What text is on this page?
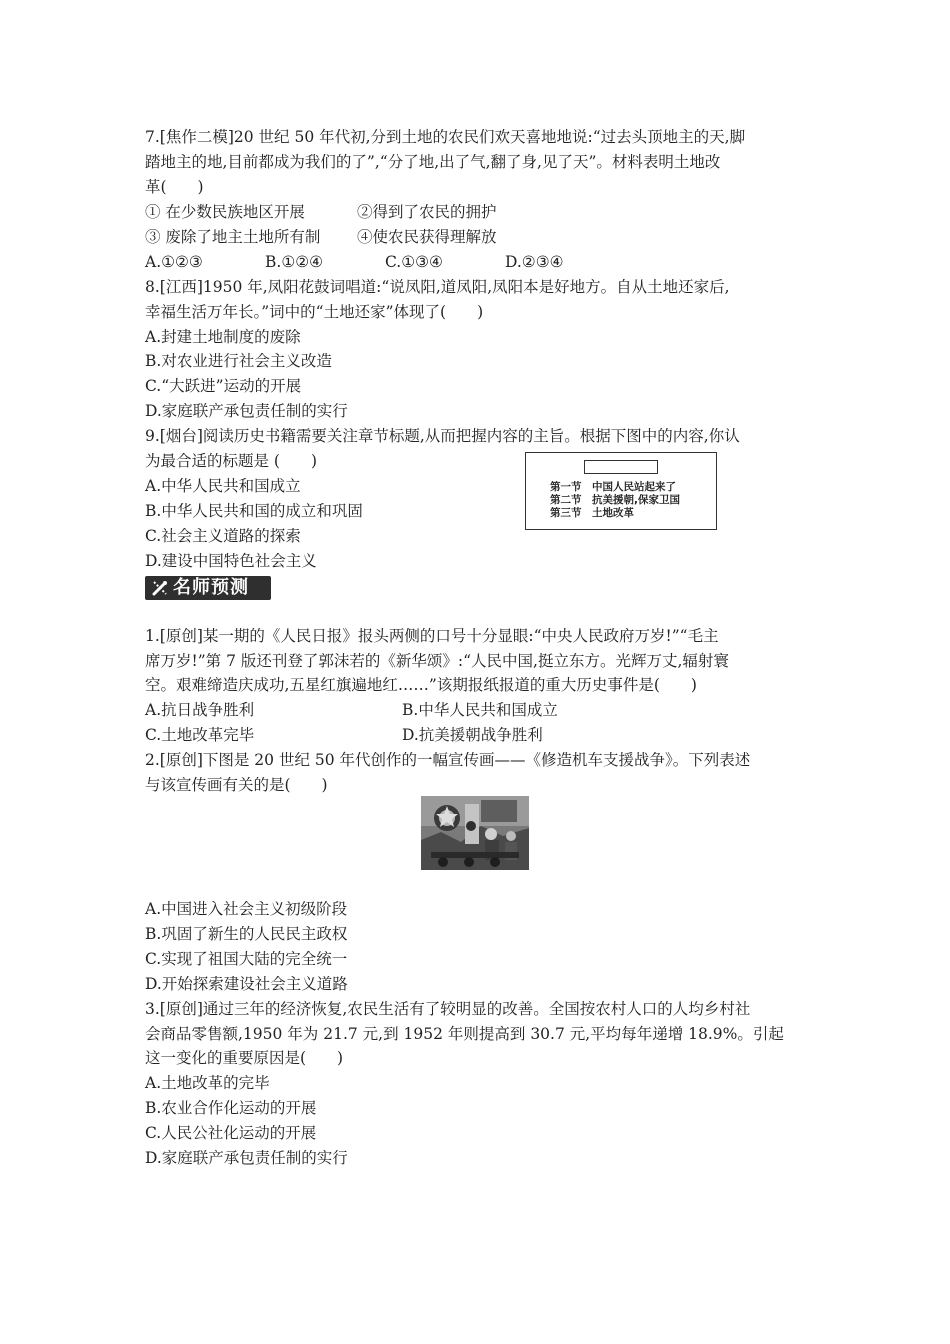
7.[焦作二模]20 世纪 50 年代初,分到土地的农民们欢天喜地地说:“过去头顶地主的天,脚
踏地主的地,目前都成为我们的了”,“分了地,出了气,翻了身,见了天”。材料表明土地改
革(　　)
① 在少数民族地区开展	②得到了农民的拥护
③ 废除了地主土地所有制 ④使农民获得理解放
A.①②③	B.①②④	C.①③④	D.②③④
8.[江西]1950 年,凤阳花鼓词唱道:“说凤阳,道凤阳,凤阳本是好地方。自从土地还家后,
幸福生活万年长。”词中的“土地还家”体现了(　　)
A.封建土地制度的废除
B.对农业进行社会主义改造
C.“大跃进”运动的开展
D.家庭联产承包责任制的实行
9.[烟台]阅读历史书籍需要关注章节标题,从而把握内容的主旨。根据下图中的内容,你认
为最合适的标题是 (　　)
A.中华人民共和国成立
B.中华人民共和国的成立和巩固
C.社会主义道路的探索
D.建设中国特色社会主义
第一节　中国人民站起来了
第二节　抗美援朝,保家卫国
第三节　土地改革
名师预测
1.[原创]某一期的《人民日报》报头两侧的口号十分显眼:“中央人民政府万岁!”“毛主
席万岁!”第 7 版还刊登了郭沫若的《新华颂》:“人民中国,挺立东方。光辉万丈,辐射寰
空。艰难缔造庆成功,五星红旗遍地红……”该期报纸报道的重大历史事件是(　　)
A.抗日战争胜利	B.中华人民共和国成立
C.土地改革完毕	D.抗美援朝战争胜利
2.[原创]下图是 20 世纪 50 年代创作的一幅宣传画——《修造机车支援战争》。下列表述
与该宣传画有关的是(　　)
A.中国进入社会主义初级阶段
B.巩固了新生的人民民主政权
C.实现了祖国大陆的完全统一
D.开始探索建设社会主义道路
3.[原创]通过三年的经济恢复,农民生活有了较明显的改善。全国按农村人口的人均乡村社
会商品零售额,1950 年为 21.7 元,到 1952 年则提高到 30.7 元,平均每年递增 18.9%。引起
这一变化的重要原因是(　　)
A.土地改革的完毕
B.农业合作化运动的开展
C.人民公社化运动的开展
D.家庭联产承包责任制的实行
